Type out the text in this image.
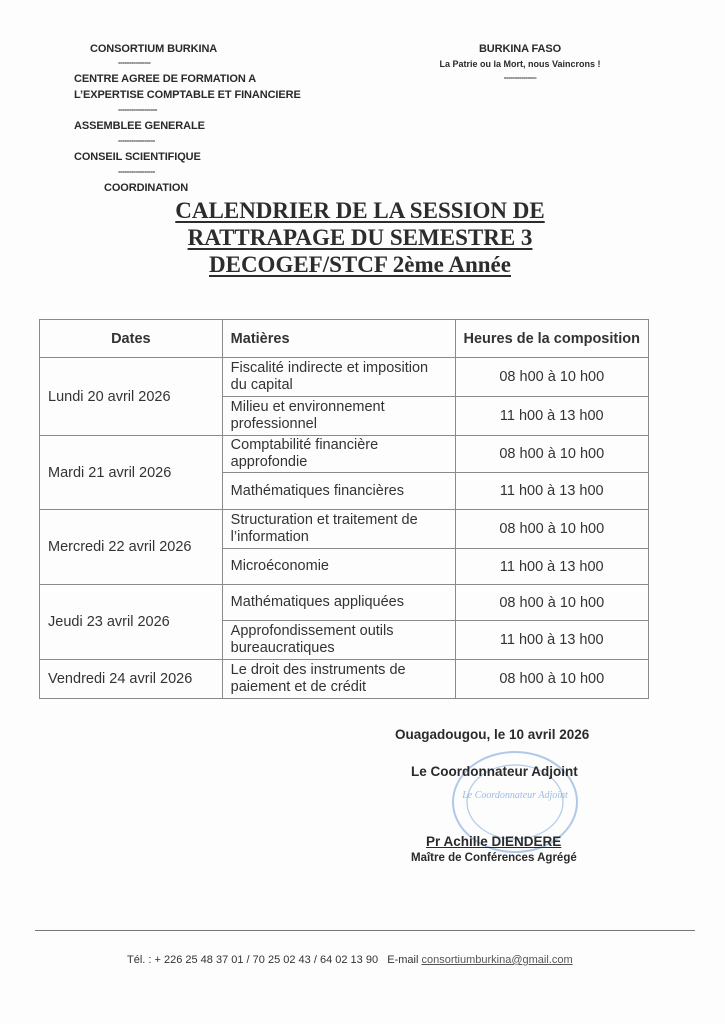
CONSORTIUM BURKINA
---------------
CENTRE AGREE DE FORMATION A
L’EXPERTISE COMPTABLE ET FINANCIERE
------------------
ASSEMBLEE GENERALE
-----------------
CONSEIL SCIENTIFIQUE
-----------------
COORDINATION
BURKINA FASO
La Patrie ou la Mort, nous Vaincrons !
---------------
CALENDRIER DE LA SESSION DE
RATTRAPAGE DU SEMESTRE 3
DECOGEF/STCF 2ème Année
Dates	Matières	Heures de la composition
Lundi 20 avril 2026	Fiscalité indirecte et imposition du capital	08 h00 à 10 h00
	Milieu et environnement professionnel	11 h00 à 13 h00
Mardi 21 avril 2026	Comptabilité financière approfondie	08 h00 à 10 h00
	Mathématiques financières	11 h00 à 13 h00
Mercredi 22 avril 2026	Structuration et traitement de l’information	08 h00 à 10 h00
	Microéconomie	11 h00 à 13 h00
Jeudi 23 avril 2026	Mathématiques appliquées	08 h00 à 10 h00
	Approfondissement outils bureaucratiques	11 h00 à 13 h00
Vendredi 24 avril 2026	Le droit des instruments de paiement et de crédit	08 h00 à 10 h00
Le Coordonnateur Adjoint
Ouagadougou, le 10 avril 2026
Le Coordonnateur Adjoint
Pr Achille DIENDERE
Maître de Conférences Agrégé
Tél. : + 226 25 48 37 01 / 70 25 02 43 / 64 02 13 90 E-mail consortiumburkina@gmail.com
